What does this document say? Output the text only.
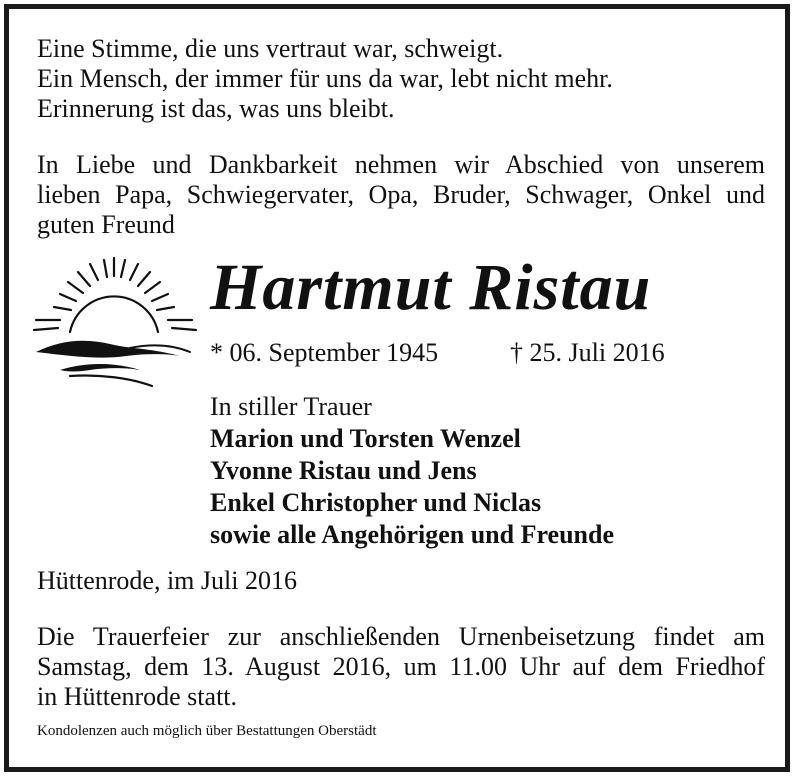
Eine Stimme, die uns vertraut war, schweigt.
Ein Mensch, der immer für uns da war, lebt nicht mehr.
Erinnerung ist das, was uns bleibt.
In Liebe und Dankbarkeit nehmen wir Abschied von unserem
lieben Papa, Schwiegervater, Opa, Bruder, Schwager, Onkel und
guten Freund
Hartmut Ristau
* 06. September 1945	† 25. Juli 2016
In stiller Trauer
Marion und Torsten Wenzel
Yvonne Ristau und Jens
Enkel Christopher und Niclas
sowie alle Angehörigen und Freunde
Hüttenrode, im Juli 2016
Die Trauerfeier zur anschließenden Urnenbeisetzung findet am
Samstag, dem 13. August 2016, um 11.00 Uhr auf dem Friedhof
in Hüttenrode statt.
Kondolenzen auch möglich über Bestattungen Oberstädt
